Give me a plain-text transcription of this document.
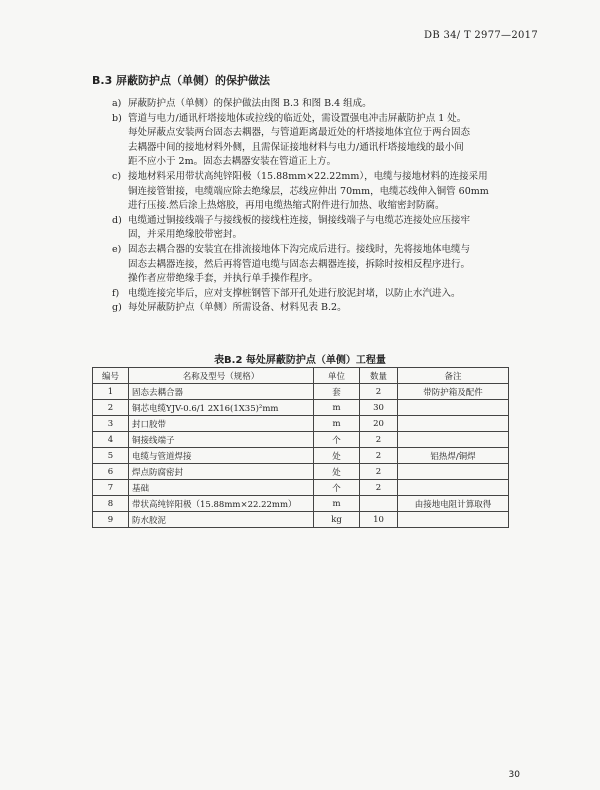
DB 34/ T 2977—2017
B.3 屏蔽防护点（单侧）的保护做法
a) 屏蔽防护点（单侧）的保护做法由图 B.3 和图 B.4 组成。
b) 管道与电力/通讯杆塔接地体或拉线的临近处，需设置强电冲击屏蔽防护点 1 处。
每处屏蔽点安装两台固态去耦器，与管道距离最近处的杆塔接地体宜位于两台固态
去耦器中间的接地材料外侧，且需保证接地材料与电力/通讯杆塔接地线的最小间
距不应小于 2m。固态去耦器安装在管道正上方。
c) 接地材料采用带状高纯锌阳极（15.88mm×22.22mm），电缆与接地材料的连接采用
铜连接管钳接，电缆端应除去绝缘层，芯线应伸出 70mm，电缆芯线伸入铜管 60mm
进行压接.然后涂上热熔胶，再用电缆热缩式附件进行加热、收缩密封防腐。
d) 电缆通过铜接线端子与接线板的接线柱连接，铜接线端子与电缆芯连接处应压接牢
固，并采用绝缘胶带密封。
e) 固态去耦合器的安装宜在排流接地体下沟完成后进行。接线时，先将接地体电缆与
固态去耦器连接，然后再将管道电缆与固态去耦器连接，拆除时按相反程序进行。
操作者应带绝缘手套，并执行单手操作程序。
f) 电缆连接完毕后，应对支撑桩钢管下部开孔处进行胶泥封堵，以防止水汽进入。
g) 每处屏蔽防护点（单侧）所需设备、材料见表 B.2。
表B.2 每处屏蔽防护点（单侧）工程量
编号	名称及型号（规格）	单位	数量	备注
1	固态去耦合器	套	2	带防护箱及配件
2	铜芯电缆YJV-0.6/1 2X16(1X35)²mm	m	30	
3	封口胶带	m	20	
4	铜接线端子	个	2	
5	电缆与管道焊接	处	2	铝热焊/铜焊
6	焊点防腐密封	处	2	
7	基础	个	2	
8	带状高纯锌阳极（15.88mm×22.22mm）	m		由接地电阻计算取得
9	防水胶泥	kg	10	
30
